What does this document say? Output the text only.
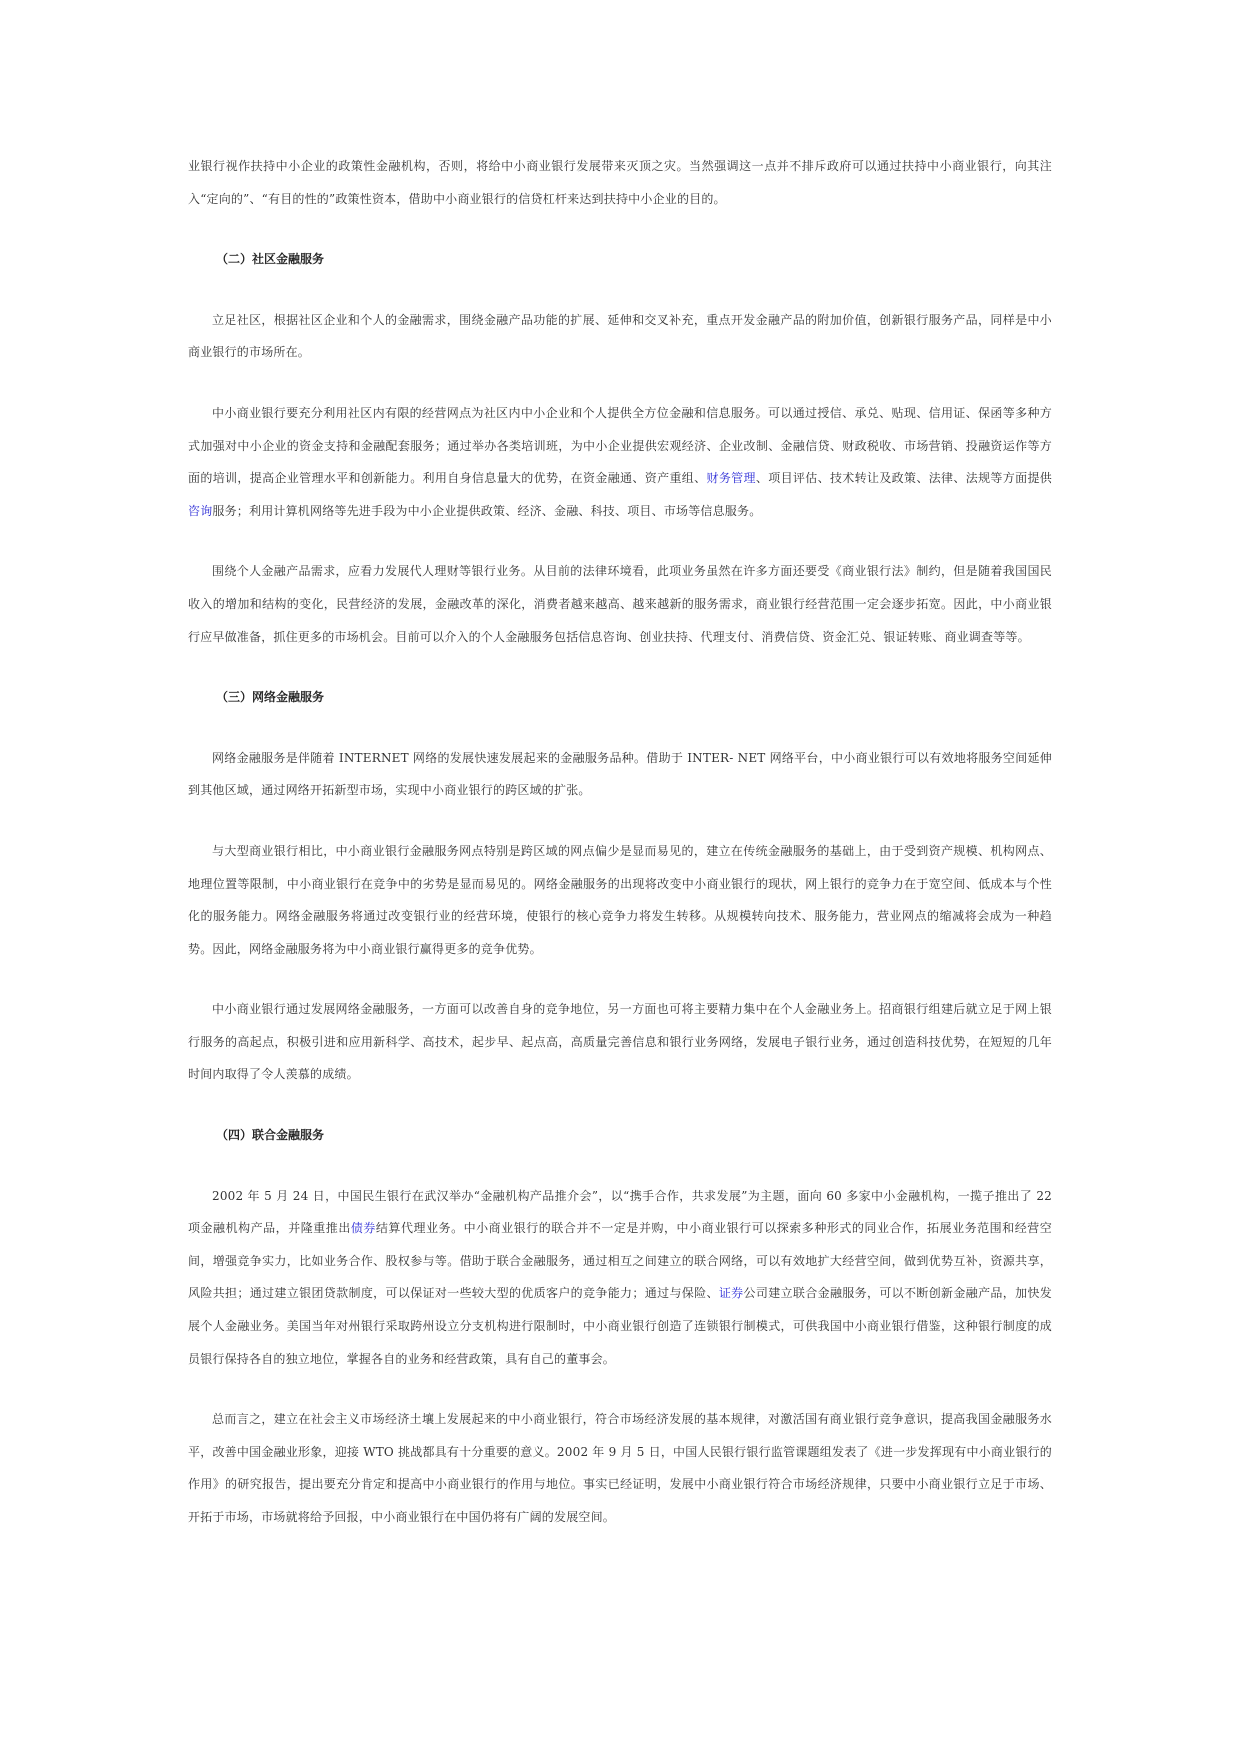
业银行视作扶持中小企业的政策性金融机构，否则，将给中小商业银行发展带来灭顶之灾。当然强调这一点并不排斥政府可以通过扶持中小商业银行，向其注入“定向的”、“有目的性的”政策性资本，借助中小商业银行的信贷杠杆来达到扶持中小企业的目的。

（二）社区金融服务

立足社区，根据社区企业和个人的金融需求，围绕金融产品功能的扩展、延伸和交叉补充，重点开发金融产品的附加价值，创新银行服务产品，同样是中小商业银行的市场所在。

中小商业银行要充分利用社区内有限的经营网点为社区内中小企业和个人提供全方位金融和信息服务。可以通过授信、承兑、贴现、信用证、保函等多种方式加强对中小企业的资金支持和金融配套服务；通过举办各类培训班，为中小企业提供宏观经济、企业改制、金融信贷、财政税收、市场营销、投融资运作等方面的培训，提高企业管理水平和创新能力。利用自身信息量大的优势，在资金融通、资产重组、财务管理、项目评估、技术转让及政策、法律、法规等方面提供咨询服务；利用计算机网络等先进手段为中小企业提供政策、经济、金融、科技、项目、市场等信息服务。

围绕个人金融产品需求，应看力发展代人理财等银行业务。从目前的法律环境看，此项业务虽然在许多方面还要受《商业银行法》制约，但是随着我国国民收入的增加和结构的变化，民营经济的发展，金融改革的深化，消费者越来越高、越来越新的服务需求，商业银行经营范围一定会逐步拓宽。因此，中小商业银行应早做准备，抓住更多的市场机会。目前可以介入的个人金融服务包括信息咨询、创业扶持、代理支付、消费信贷、资金汇兑、银证转账、商业调查等等。

（三）网络金融服务

网络金融服务是伴随着 INTERNET 网络的发展快速发展起来的金融服务品种。借助于 INTER- NET 网络平台，中小商业银行可以有效地将服务空间延伸到其他区域，通过网络开拓新型市场，实现中小商业银行的跨区域的扩张。

与大型商业银行相比，中小商业银行金融服务网点特别是跨区域的网点偏少是显而易见的，建立在传统金融服务的基础上，由于受到资产规模、机构网点、地理位置等限制，中小商业银行在竞争中的劣势是显而易见的。网络金融服务的出现将改变中小商业银行的现状，网上银行的竞争力在于宽空间、低成本与个性化的服务能力。网络金融服务将通过改变银行业的经营环境，使银行的核心竞争力将发生转移。从规模转向技术、服务能力，营业网点的缩减将会成为一种趋势。因此，网络金融服务将为中小商业银行赢得更多的竞争优势。

中小商业银行通过发展网络金融服务，一方面可以改善自身的竞争地位，另一方面也可将主要精力集中在个人金融业务上。招商银行组建后就立足于网上银行服务的高起点，积极引进和应用新科学、高技术，起步早、起点高，高质量完善信息和银行业务网络，发展电子银行业务，通过创造科技优势，在短短的几年时间内取得了令人羡慕的成绩。

（四）联合金融服务

2002 年 5 月 24 日，中国民生银行在武汉举办“金融机构产品推介会”，以“携手合作，共求发展”为主题，面向 60 多家中小金融机构，一揽子推出了 22 项金融机构产品，并隆重推出债券结算代理业务。中小商业银行的联合并不一定是并购，中小商业银行可以探索多种形式的同业合作，拓展业务范围和经营空间，增强竞争实力，比如业务合作、股权参与等。借助于联合金融服务，通过相互之间建立的联合网络，可以有效地扩大经营空间，做到优势互补，资源共享，风险共担；通过建立银团贷款制度，可以保证对一些较大型的优质客户的竞争能力；通过与保险、证券公司建立联合金融服务，可以不断创新金融产品，加快发展个人金融业务。美国当年对州银行采取跨州设立分支机构进行限制时，中小商业银行创造了连锁银行制模式，可供我国中小商业银行借鉴，这种银行制度的成员银行保持各自的独立地位，掌握各自的业务和经营政策，具有自己的董事会。

总而言之，建立在社会主义市场经济土壤上发展起来的中小商业银行，符合市场经济发展的基本规律，对激活国有商业银行竞争意识，提高我国金融服务水平，改善中国金融业形象，迎接 WTO 挑战都具有十分重要的意义。2002 年 9 月 5 日，中国人民银行银行监管课题组发表了《进一步发挥现有中小商业银行的作用》的研究报告，提出要充分肯定和提高中小商业银行的作用与地位。事实已经证明，发展中小商业银行符合市场经济规律，只要中小商业银行立足于市场、开拓于市场，市场就将给予回报，中小商业银行在中国仍将有广阔的发展空间。
